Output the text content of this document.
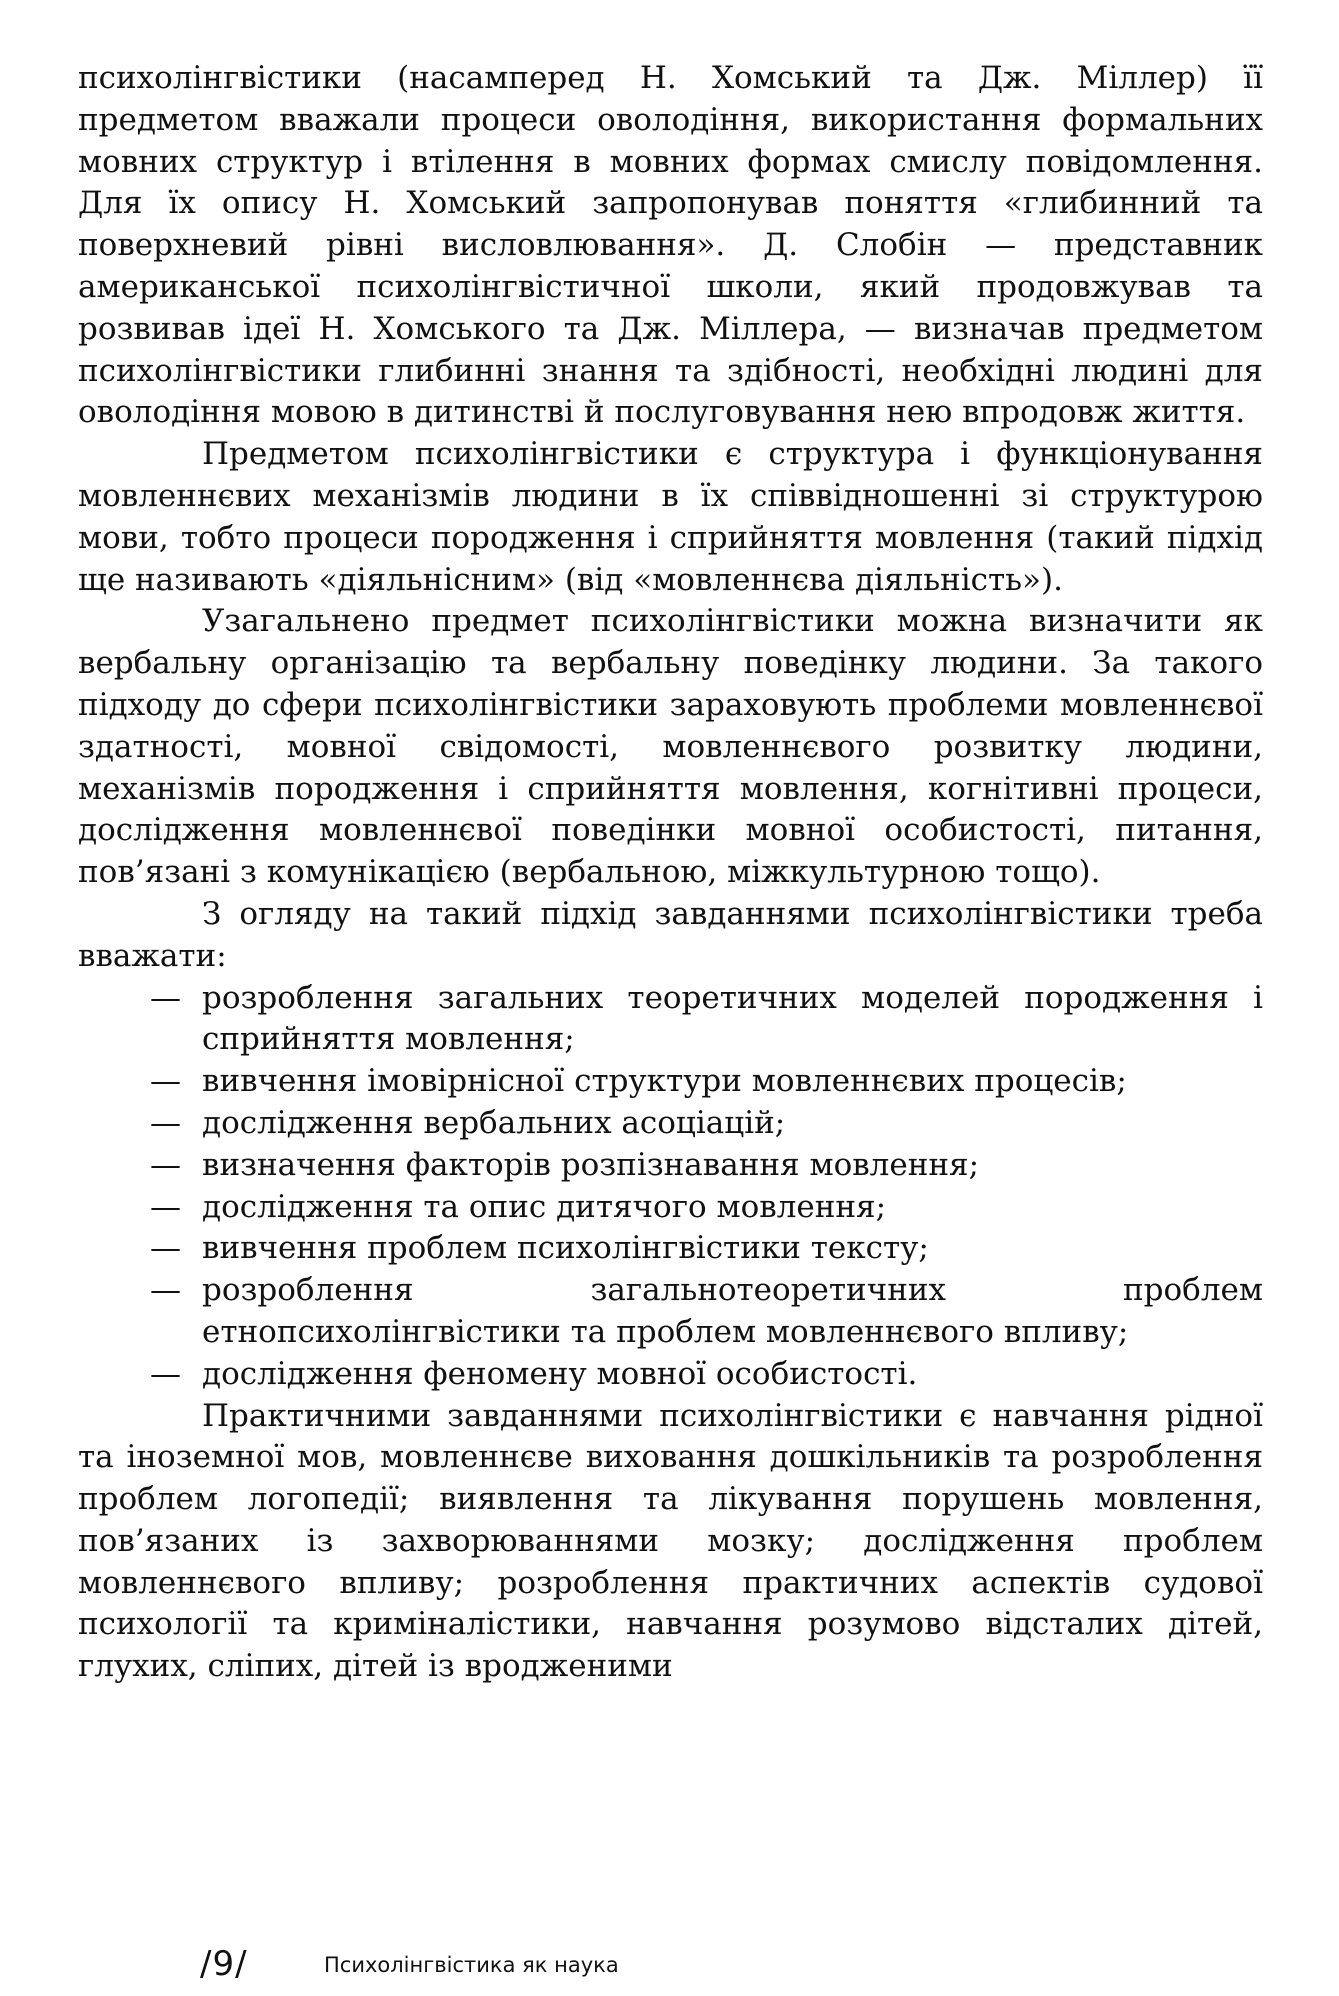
психолінгвістики (насамперед Н. Хомський та Дж. Міллер) її предметом вважали процеси оволодіння, використання формальних мовних структур і втілення в мовних формах смислу повідомлення. Для їх опису Н. Хомський запропонував поняття «глибинний та поверхневий рівні висловлювання». Д. Слобін — представник американської психолінгвістичної школи, який продовжував та розвивав ідеї Н. Хомського та Дж. Міллера, — визначав предметом психолінгвістики глибинні знання та здібності, необхідні людині для оволодіння мовою в дитинстві й послуговування нею впродовж життя.

Предметом психолінгвістики є структура і функціонування мовленнєвих механізмів людини в їх співвідношенні зі структурою мови, тобто процеси породження і сприйняття мовлення (такий підхід ще називають «діяльнісним» (від «мовленнєва діяльність»).

Узагальнено предмет психолінгвістики можна визначити як вербальну організацію та вербальну поведінку людини. За такого підходу до сфери психолінгвістики зараховують проблеми мовленнєвої здатності, мовної свідомості, мовленнєвого розвитку людини, механізмів породження і сприйняття мовлення, когнітивні процеси, дослідження мовленнєвої поведінки мовної особистості, питання, пов’язані з комунікацією (вербальною, міжкультурною тощо).

З огляду на такий підхід завданнями психолінгвістики треба вважати:

— розроблення загальних теоретичних моделей породження і сприйняття мовлення;
— вивчення імовірнісної структури мовленнєвих процесів;
— дослідження вербальних асоціацій;
— визначення факторів розпізнавання мовлення;
— дослідження та опис дитячого мовлення;
— вивчення проблем психолінгвістики тексту;
— розроблення загальнотеоретичних проблем етнопсихолінгвістики та проблем мовленнєвого впливу;
— дослідження феномену мовної особистості.

Практичними завданнями психолінгвістики є навчання рідної та іноземної мов, мовленнєве виховання дошкільників та розроблення проблем логопедії; виявлення та лікування порушень мовлення, пов’язаних із захворюваннями мозку; дослідження проблем мовленнєвого впливу; розроблення практичних аспектів судової психології та криміналістики, навчання розумово відсталих дітей, глухих, сліпих, дітей із вродженими

/9/	Психолінгвістика як наука
